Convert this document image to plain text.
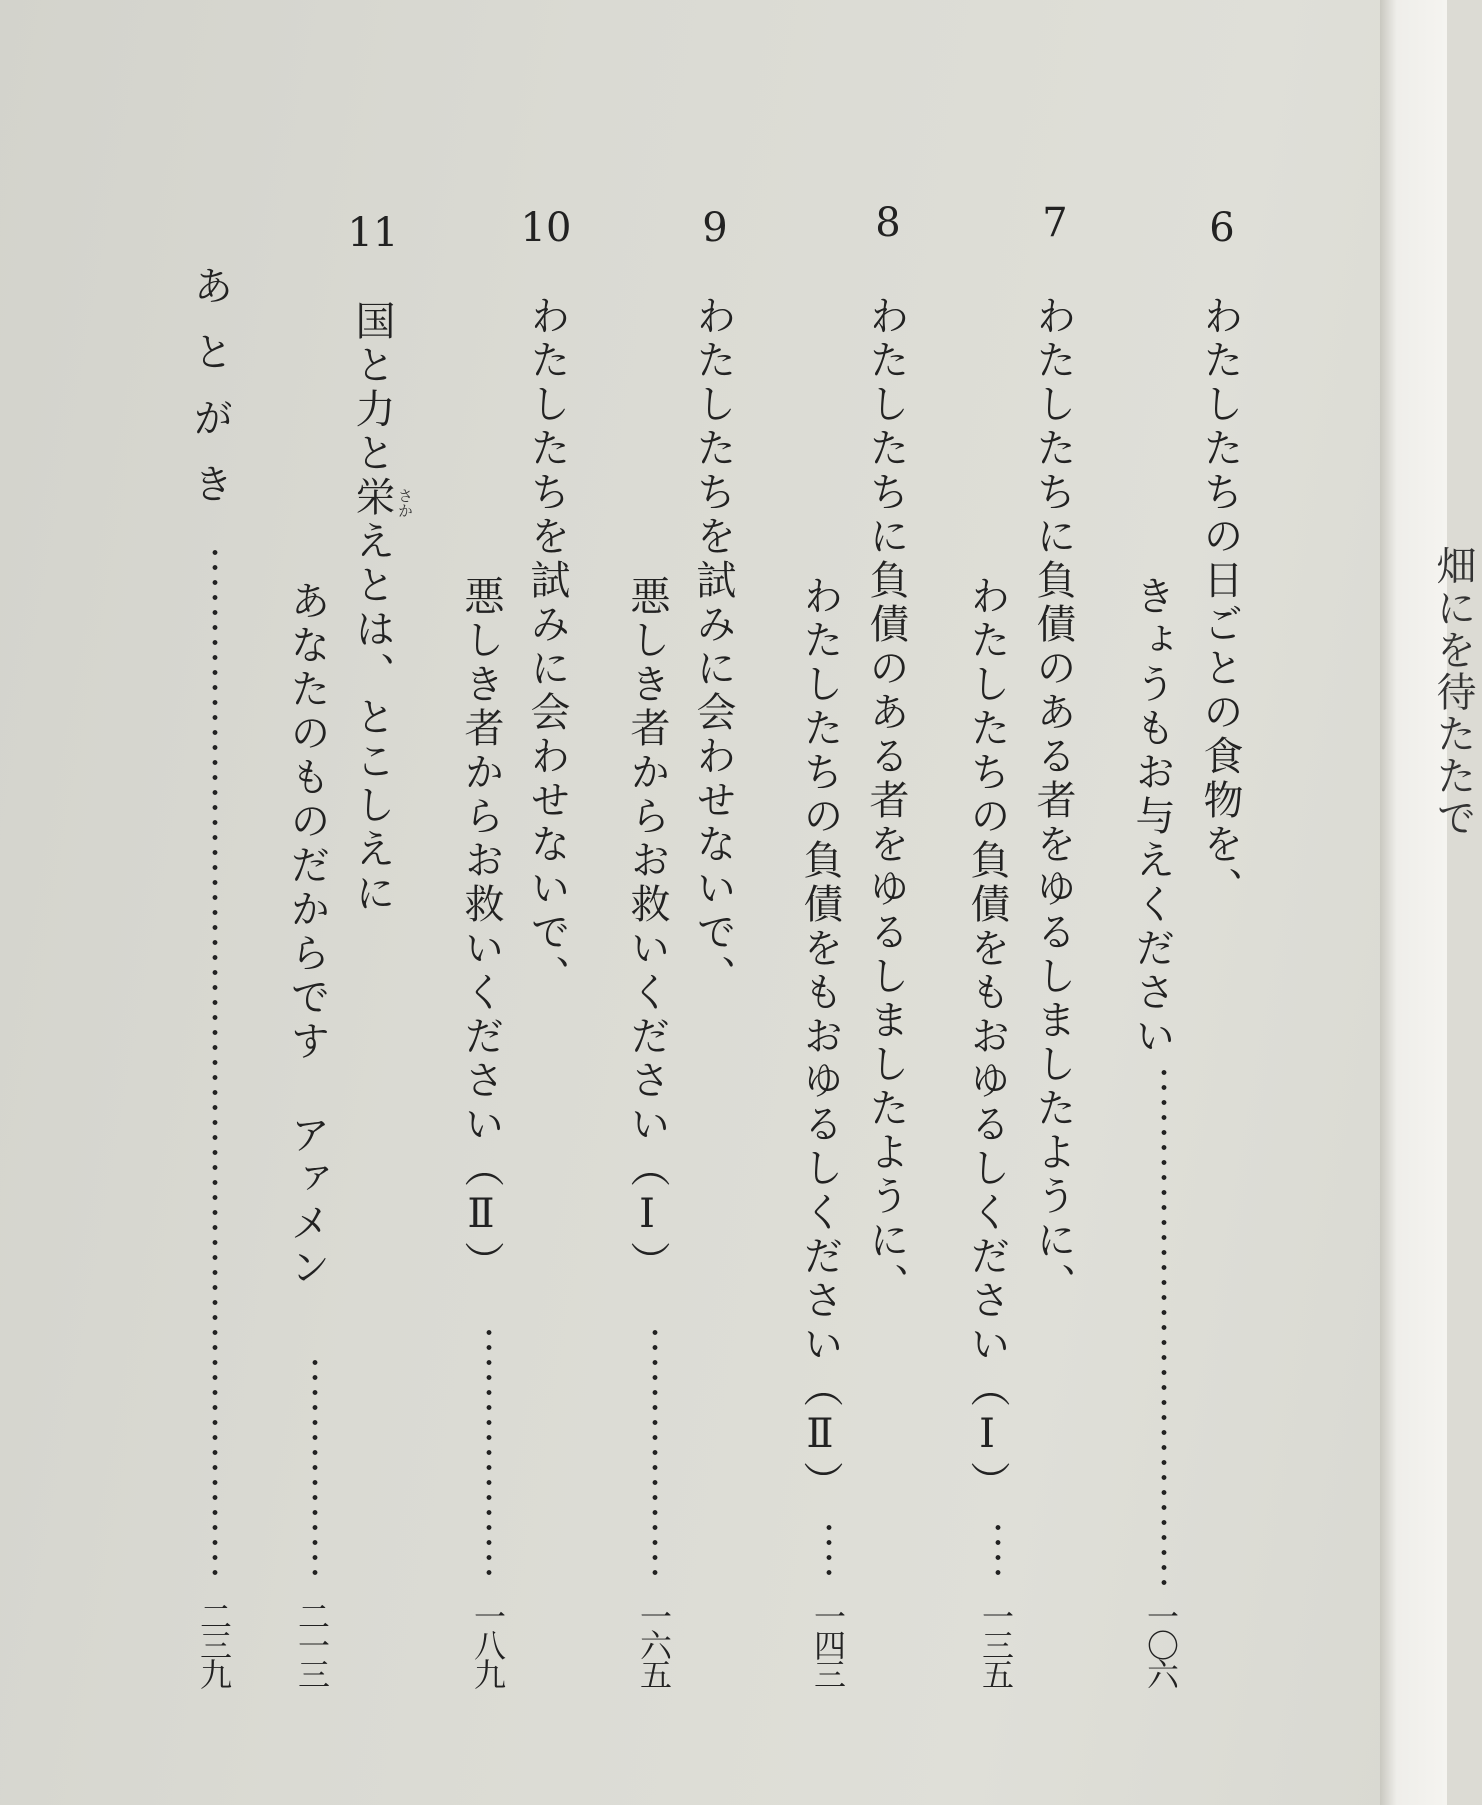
畑にを待たたで
6
わたしたちの日ごとの食物を、
きょうもお与えください
一〇六
7
わたしたちに負債のある者をゆるしましたように、
わたしたちの負債をもおゆるしください（Ⅰ）
一三五
8
わたしたちに負債のある者をゆるしましたように、
わたしたちの負債をもおゆるしください（Ⅱ）
一四三
9
わたしたちを試みに会わせないで、
悪しき者からお救いください（Ⅰ）
一六五
10
わたしたちを試みに会わせないで、
悪しき者からお救いください（Ⅱ）
一八九
11
国と力と栄えとは、とこしえに さか
あなたのものだからです アァメン
二一三
あとがき
二三九
